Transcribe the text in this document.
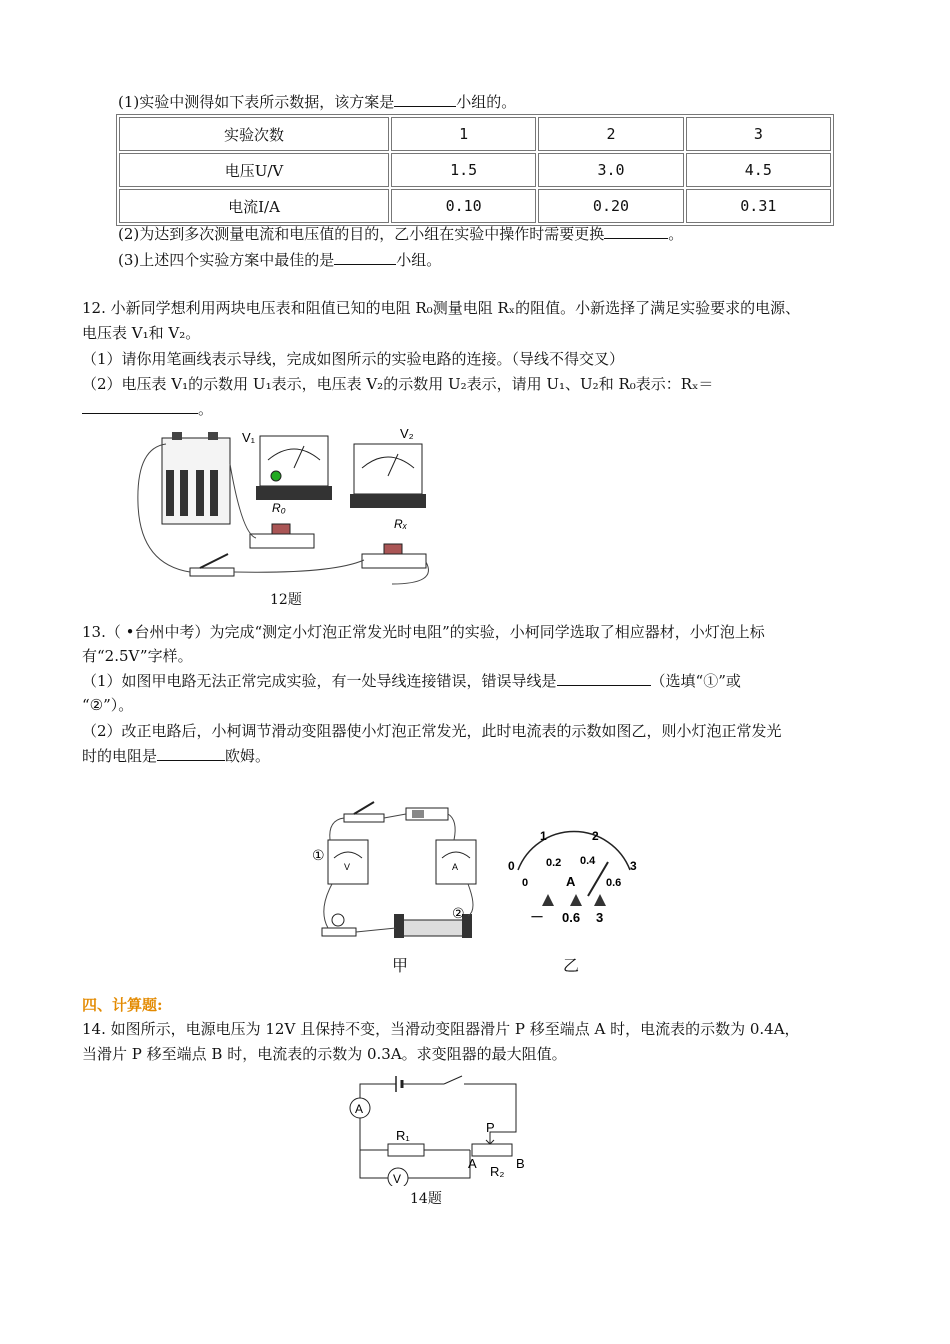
(1)实验中测得如下表所示数据，该方案是	小组的。
实验次数	1	2	3
电压U/V	1.5	3.0	4.5
电流I/A	0.10	0.20	0.31
(2)为达到多次测量电流和电压值的目的，乙小组在实验中操作时需要更换	。
(3)上述四个实验方案中最佳的是	小组。
12. 小新同学想利用两块电压表和阻值已知的电阻 R₀测量电阻 Rₓ的阻值。小新选择了满足实验要求的电源、
电压表 V₁和 V₂。
（1）请你用笔画线表示导线，完成如图所示的实验电路的连接。（导线不得交叉）
（2）电压表 V₁的示数用 U₁表示，电压表 V₂的示数用 U₂表示，请用 U₁、U₂和 R₀表示：Rₓ＝
。
V₁	V₂
R₀
Rₓ
12题
13.（ •台州中考）为完成“测定小灯泡正常发光时电阻”的实验，小柯同学选取了相应器材，小灯泡上标
有“2.5V”字样。
（1）如图甲电路无法正常完成实验，有一处导线连接错误，错误导线是	（选填“①”或
“②”）。
（2）改正电路后，小柯调节滑动变阻器使小灯泡正常发光，此时电流表的示数如图乙，则小灯泡正常发光
时的电阻是	欧姆。
V	A
①
②
甲
0
1	2
3
0
0.2 0.4
0.6
A
－ 0.6 3
乙
四、计算题:
14. 如图所示，电源电压为 12V 且保持不变，当滑动变阻器滑片 P 移至端点 A 时，电流表的示数为 0.4A，
当滑片 P 移至端点 B 时，电流表的示数为 0.3A。求变阻器的最大阻值。
A
R₁
V
P
A	B
R₂
14题
